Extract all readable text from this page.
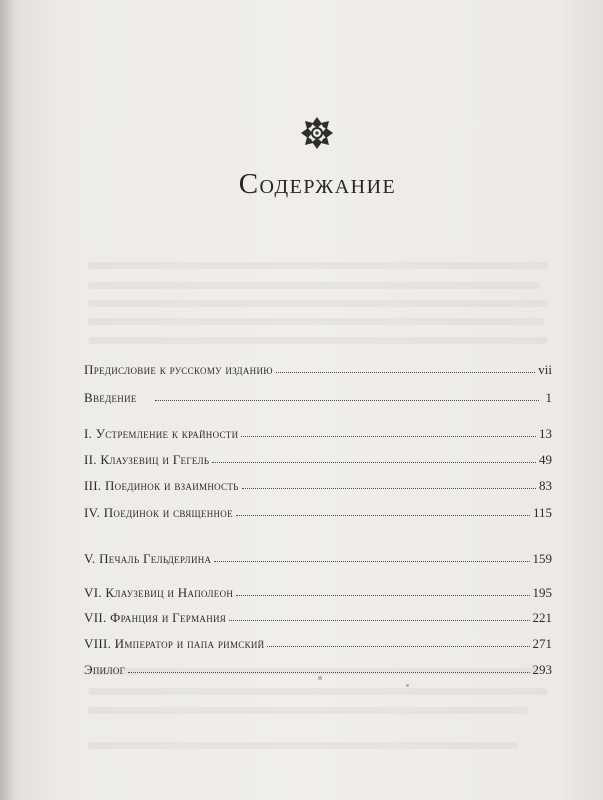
Содержание
Предисловие к русскому изданию	vii
Введение	1
I. Устремление к крайности	13
II. Клаузевиц и Гегель	49
III. Поединок и взаимность	83
IV. Поединок и священное	115
V. Печаль Гельдерлина	159
VI. Клаузевиц и Наполеон	195
VII. Франция и Германия	221
VIII. Император и папа римский	271
Эпилог	293
